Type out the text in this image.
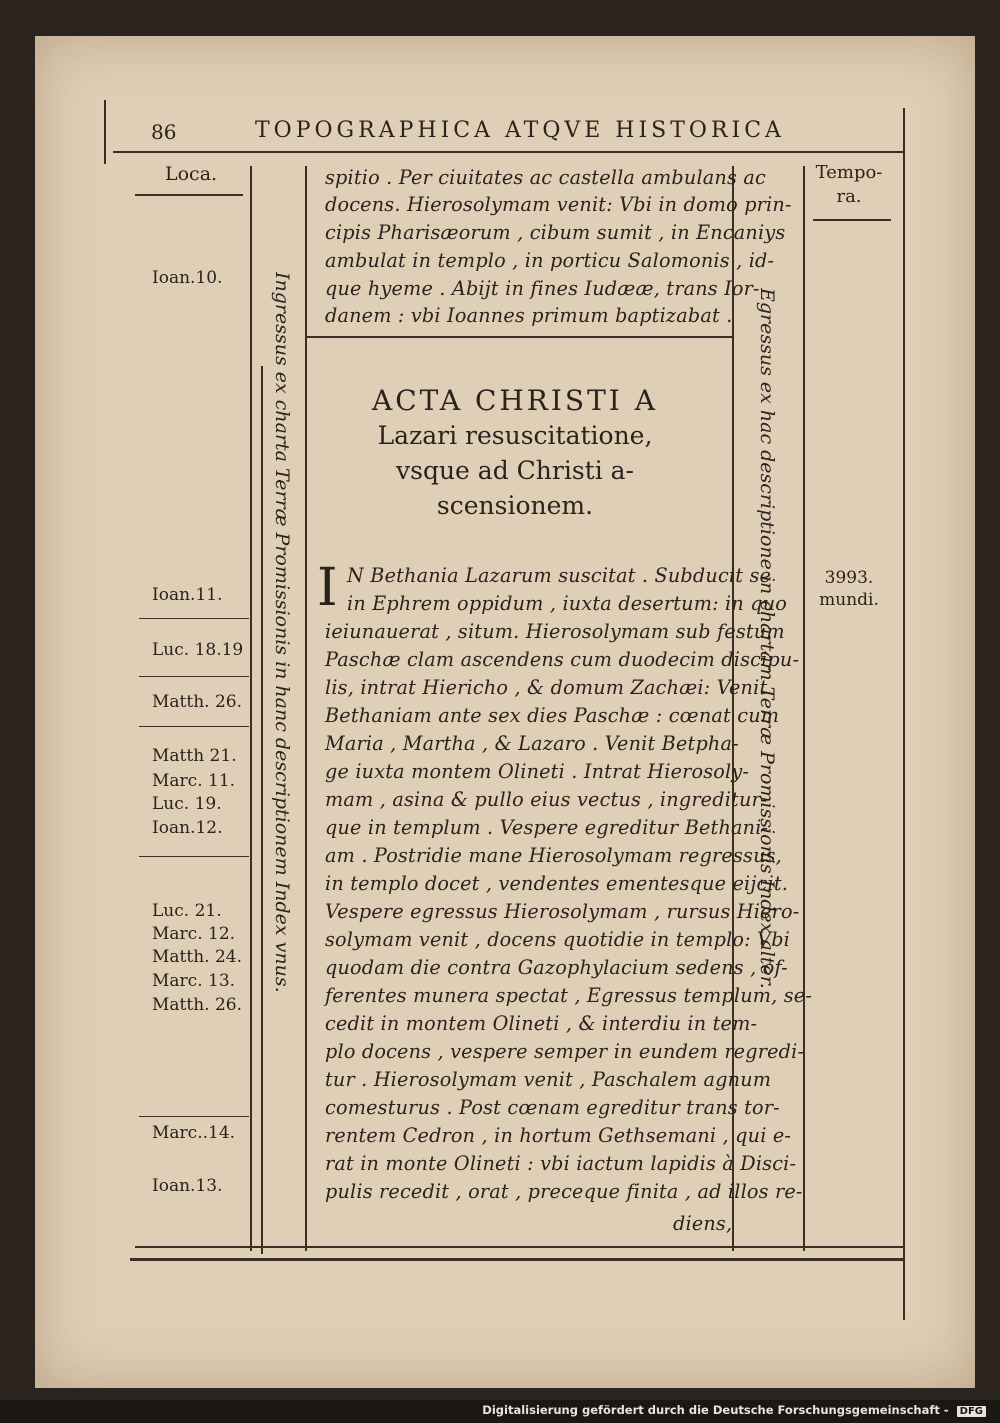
86	TOPOGRAPHICA ATQVE HISTORICA
Loca.	Tempo-
ra.
Ingressus ex charta Terræ Promissionis in hanc descriptionem Index vnus.	Egressus ex hac descriptione in chartam Terræ Promissionis Index alter.
spitio . Per ciuitates ac castella ambulans ac
docens. Hierosolymam venit: Vbi in domo prin-
cipis Pharisæorum , cibum sumit , in Encaniys
ambulat in templo , in porticu Salomonis , id-
que hyeme . Abijt in fines Iudææ, trans Ior-
danem : vbi Ioannes primum baptizabat .
ACTA CHRISTI A
Lazari resuscitatione,
vsque ad Christi a-
scensionem.
I N Bethania Lazarum suscitat . Subducit se
in Ephrem oppidum , iuxta desertum: in quo
ieiunauerat , situm. Hierosolymam sub festum
Paschæ clam ascendens cum duodecim discipu-
lis, intrat Hiericho , & domum Zachæi: Venit
Bethaniam ante sex dies Paschæ : cœnat cum
Maria , Martha , & Lazaro . Venit Betpha-
ge iuxta montem Olineti . Intrat Hierosoly-
mam , asina & pullo eius vectus , ingreditur-
que in templum . Vespere egreditur Bethani-
am . Postridie mane Hierosolymam regressus,
in templo docet , vendentes ementesque eijcit.
Vespere egressus Hierosolymam , rursus Hiero-
solymam venit , docens quotidie in templo: Vbi
quodam die contra Gazophylacium sedens , of-
ferentes munera spectat , Egressus templum, se-
cedit in montem Olineti , & interdiu in tem-
plo docens , vespere semper in eundem regredi-
tur . Hierosolymam venit , Paschalem agnum
comesturus . Post cœnam egreditur trans tor-
rentem Cedron , in hortum Gethsemani , qui e-
rat in monte Olineti : vbi iactum lapidis à Disci-
pulis recedit , orat , preceque finita , ad illos re-
diens,
Ioan.10.
Ioan.11.
Luc. 18.19
Matth. 26.
Matth 21.
Marc. 11.
Luc. 19.
Ioan.12.
Luc. 21.
Marc. 12.
Matth. 24.
Marc. 13.
Matth. 26.
Marc..14.
Ioan.13.
3993.
mundi.
Digitalisierung gefördert durch die Deutsche Forschungsgemeinschaft - DFG
